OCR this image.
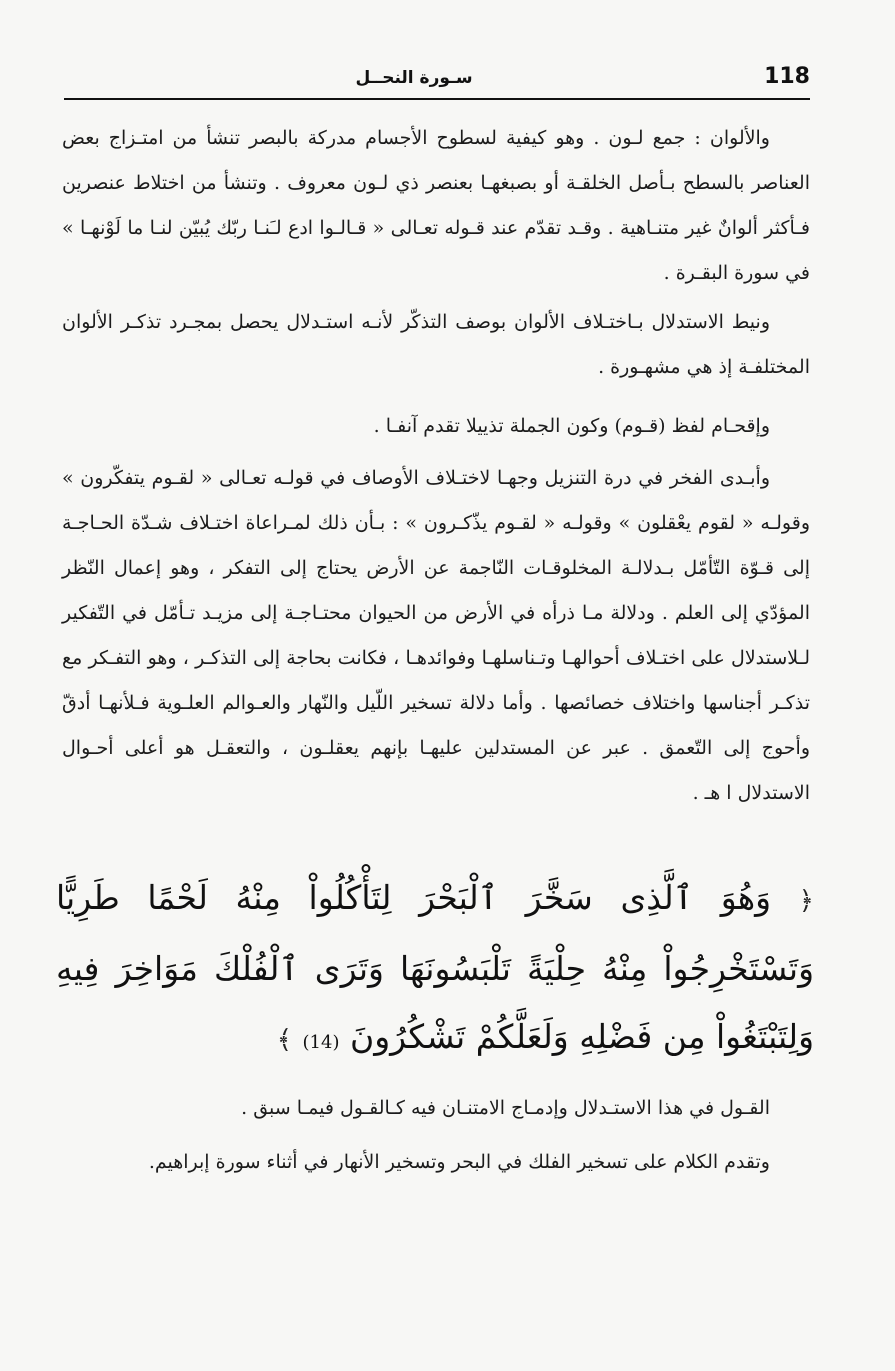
118
سـورة النحــل
والألوان : جمع لـون . وهو كيفية لسطوح الأجسام مدركة بالبصر تنشأ من امتـزاج بعض العناصر بالسطح بـأصل الخلقـة أو بصبغهـا بعنصر ذي لـون معروف . وتنشأ من اختلاط عنصرين فـأكثر ألوانٌ غير متنـاهية . وقـد تقدّم عند قـوله تعـالى « قـالـوا ادع لـَنـا ربّك يُبيّن لنـا ما لَوْنهـا » في سورة البقـرة .
ونيط الاستدلال بـاختـلاف الألوان بوصف التذكّر لأنـه استـدلال يحصل بمجـرد تذكـر الألوان المختلفـة إذ هي مشهـورة .
وإقحـام لفظ (قـوم) وكون الجملة تذييلا تقدم آنفـا .
وأبـدى الفخر في درة التنزيل وجهـا لاختـلاف الأوصاف في قولـه تعـالى « لقـوم يتفكّرون » وقولـه « لقوم يعْقلون » وقولـه « لقـوم يذّكـرون » : بـأن ذلك لمـراعاة اختـلاف شـدّة الحـاجـة إلى قـوّة التّأمّل بـدلالـة المخلوقـات النّاجمة عن الأرض يحتاج إلى التفكر ، وهو إعمال النّظر المؤدّي إلى العلم . ودلالة مـا ذرأه في الأرض من الحيوان محتـاجـة إلى مزيـد تـأمّل في التّفكير لـلاستدلال على اختـلاف أحوالهـا وتـناسلهـا وفوائدهـا ، فكانت بحاجة إلى التذكـر ، وهو التفـكر مع تذكـر أجناسها واختلاف خصائصها . وأما دلالة تسخير اللّيل والنّهار والعـوالم العلـوية فـلأنهـا أدقّ وأحوج إلى التّعمق . عبر عن المستدلين عليهـا بإنهم يعقلـون ، والتعقـل هو أعلى أحـوال الاستدلال ا هـ .
﴿ وَهُوَ ٱلَّذِى سَخَّرَ ٱلْبَحْرَ لِتَأْكُلُواْ مِنْهُ لَحْمًا طَرِيًّا وَتَسْتَخْرِجُواْ مِنْهُ حِلْيَةً تَلْبَسُونَهَا وَتَرَى ٱلْفُلْكَ مَوَاخِرَ فِيهِ وَلِتَبْتَغُواْ مِن فَضْلِهِ وَلَعَلَّكُمْ تَشْكُرُونَ (14) ﴾
القـول في هذا الاستـدلال وإدمـاج الامتنـان فيه كـالقـول فيمـا سبق .
وتقدم الكلام على تسخير الفلك في البحر وتسخير الأنهار في أثناء سورة إبراهيم.
